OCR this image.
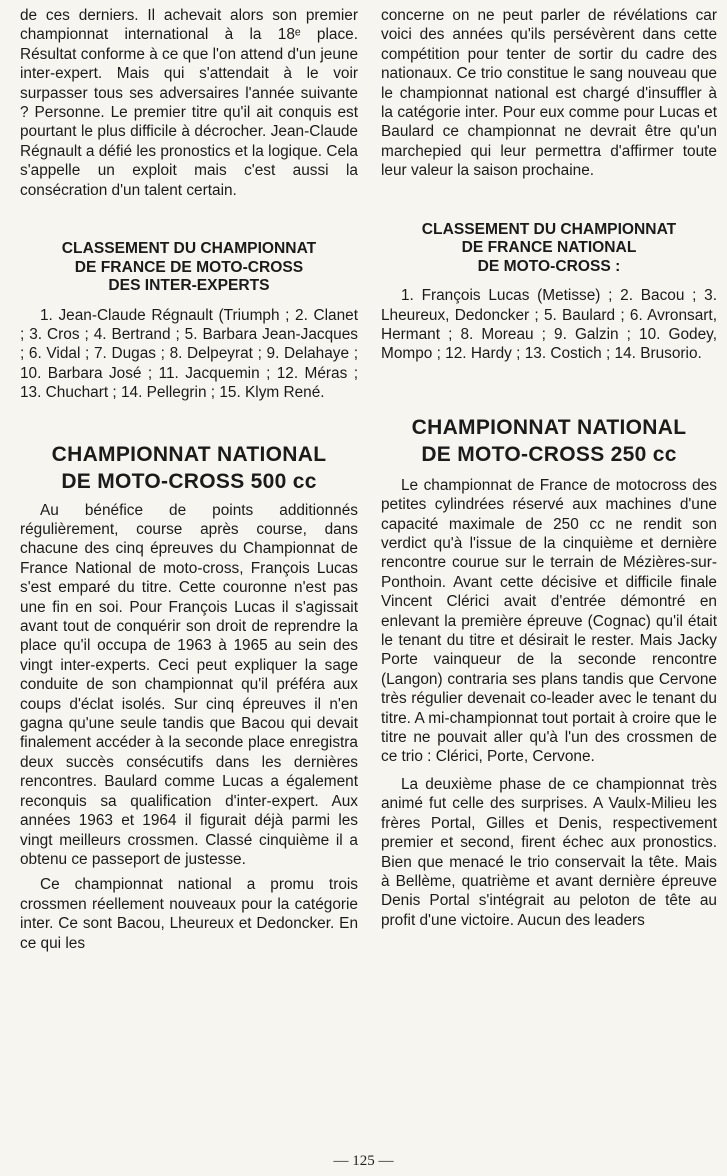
de ces derniers. Il achevait alors son premier championnat international à la 18ᵉ place. Résultat conforme à ce que l'on attend d'un jeune inter-expert. Mais qui s'attendait à le voir surpasser tous ses adversaires l'année suivante ? Personne. Le premier titre qu'il ait conquis est pourtant le plus difficile à décrocher. Jean-Claude Régnault a défié les pronostics et la logique. Cela s'appelle un exploit mais c'est aussi la consécration d'un talent certain.

CLASSEMENT DU CHAMPIONNAT
DE FRANCE DE MOTO-CROSS
DES INTER-EXPERTS

1. Jean-Claude Régnault (Triumph ; 2. Clanet ; 3. Cros ; 4. Bertrand ; 5. Barbara Jean-Jacques ; 6. Vidal ; 7. Dugas ; 8. Delpeyrat ; 9. Delahaye ; 10. Barbara José ; 11. Jacquemin ; 12. Méras ; 13. Chuchart ; 14. Pellegrin ; 15. Klym René.

CHAMPIONNAT NATIONAL
DE MOTO-CROSS 500 cc

Au bénéfice de points additionnés régulièrement, course après course, dans chacune des cinq épreuves du Championnat de France National de moto-cross, François Lucas s'est emparé du titre. Cette couronne n'est pas une fin en soi. Pour François Lucas il s'agissait avant tout de conquérir son droit de reprendre la place qu'il occupa de 1963 à 1965 au sein des vingt inter-experts. Ceci peut expliquer la sage conduite de son championnat qu'il préféra aux coups d'éclat isolés. Sur cinq épreuves il n'en gagna qu'une seule tandis que Bacou qui devait finalement accéder à la seconde place enregistra deux succès consécutifs dans les dernières rencontres. Baulard comme Lucas a également reconquis sa qualification d'inter-expert. Aux années 1963 et 1964 il figurait déjà parmi les vingt meilleurs crossmen. Classé cinquième il a obtenu ce passeport de justesse.

Ce championnat national a promu trois crossmen réellement nouveaux pour la catégorie inter. Ce sont Bacou, Lheureux et Dedoncker. En ce qui les

concerne on ne peut parler de révélations car voici des années qu'ils persévèrent dans cette compétition pour tenter de sortir du cadre des nationaux. Ce trio constitue le sang nouveau que le championnat national est chargé d'insuffler à la catégorie inter. Pour eux comme pour Lucas et Baulard ce championnat ne devrait être qu'un marchepied qui leur permettra d'affirmer toute leur valeur la saison prochaine.

CLASSEMENT DU CHAMPIONNAT
DE FRANCE NATIONAL
DE MOTO-CROSS :

1. François Lucas (Metisse) ; 2. Bacou ; 3. Lheureux, Dedoncker ; 5. Baulard ; 6. Avronsart, Hermant ; 8. Moreau ; 9. Galzin ; 10. Godey, Mompo ; 12. Hardy ; 13. Costich ; 14. Brusorio.

CHAMPIONNAT NATIONAL
DE MOTO-CROSS 250 cc

Le championnat de France de motocross des petites cylindrées réservé aux machines d'une capacité maximale de 250 cc ne rendit son verdict qu'à l'issue de la cinquième et dernière rencontre courue sur le terrain de Mézières-sur-Ponthoin. Avant cette décisive et difficile finale Vincent Clérici avait d'entrée démontré en enlevant la première épreuve (Cognac) qu'il était le tenant du titre et désirait le rester. Mais Jacky Porte vainqueur de la seconde rencontre (Langon) contraria ses plans tandis que Cervone très régulier devenait co-leader avec le tenant du titre. A mi-championnat tout portait à croire que le titre ne pouvait aller qu'à l'un des crossmen de ce trio : Clérici, Porte, Cervone.

La deuxième phase de ce championnat très animé fut celle des surprises. A Vaulx-Milieu les frères Portal, Gilles et Denis, respectivement premier et second, firent échec aux pronostics. Bien que menacé le trio conservait la tête. Mais à Bellème, quatrième et avant dernière épreuve Denis Portal s'intégrait au peloton de tête au profit d'une victoire. Aucun des leaders

— 125 —
